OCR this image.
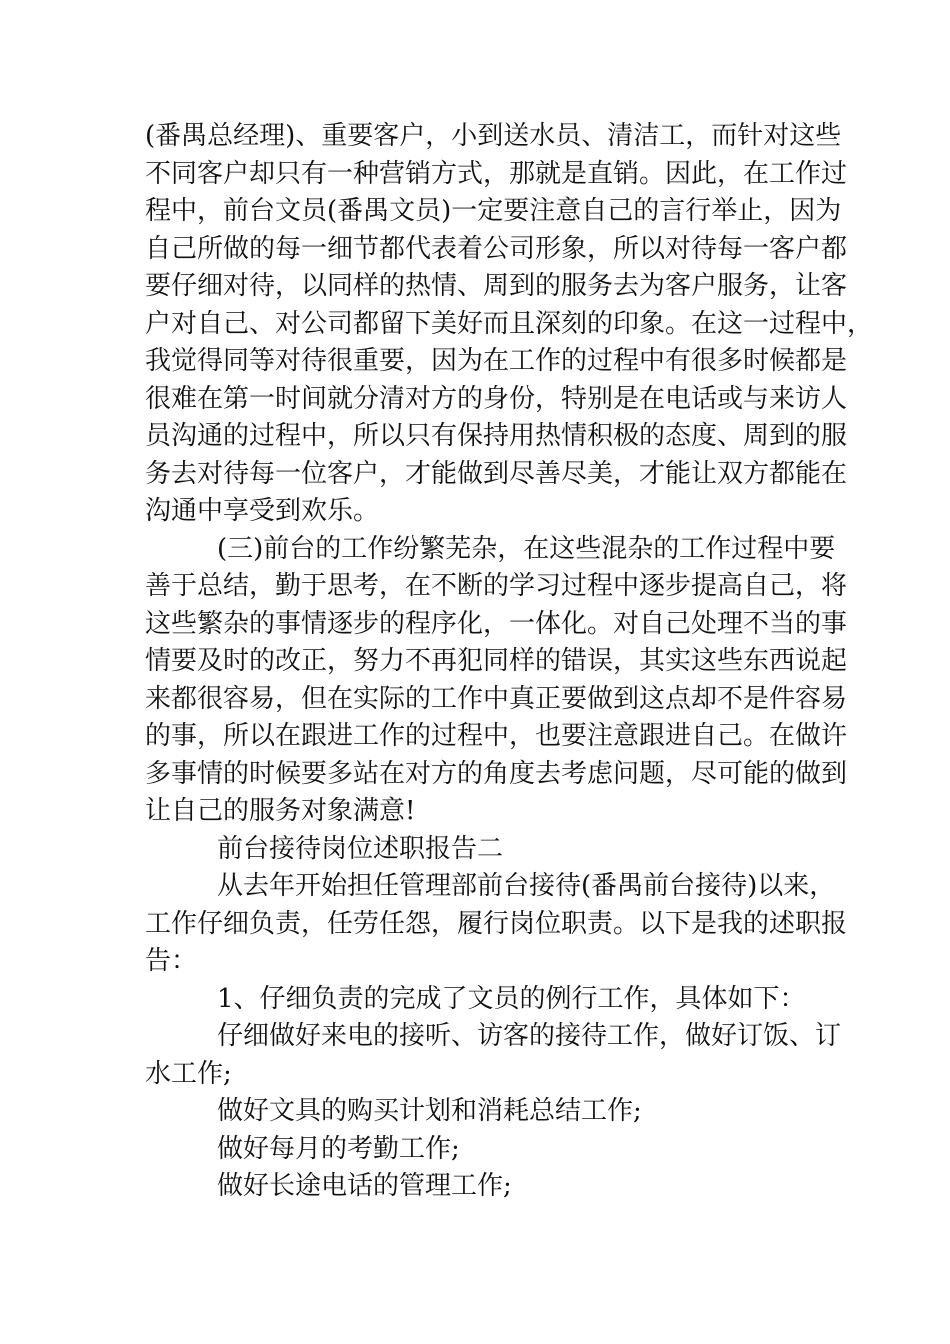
(番禺总经理)、重要客户，小到送水员、清洁工，而针对这些
不同客户却只有一种营销方式，那就是直销。因此，在工作过
程中，前台文员(番禺文员)一定要注意自己的言行举止，因为
自己所做的每一细节都代表着公司形象，所以对待每一客户都
要仔细对待，以同样的热情、周到的服务去为客户服务，让客
户对自己、对公司都留下美好而且深刻的印象。在这一过程中，
我觉得同等对待很重要，因为在工作的过程中有很多时候都是
很难在第一时间就分清对方的身份，特别是在电话或与来访人
员沟通的过程中，所以只有保持用热情积极的态度、周到的服
务去对待每一位客户，才能做到尽善尽美，才能让双方都能在
沟通中享受到欢乐。
(三)前台的工作纷繁芜杂，在这些混杂的工作过程中要
善于总结，勤于思考，在不断的学习过程中逐步提高自己，将
这些繁杂的事情逐步的程序化，一体化。对自己处理不当的事
情要及时的改正，努力不再犯同样的错误，其实这些东西说起
来都很容易，但在实际的工作中真正要做到这点却不是件容易
的事，所以在跟进工作的过程中，也要注意跟进自己。在做许
多事情的时候要多站在对方的角度去考虑问题，尽可能的做到
让自己的服务对象满意!
前台接待岗位述职报告二
从去年开始担任管理部前台接待(番禺前台接待)以来，
工作仔细负责，任劳任怨，履行岗位职责。以下是我的述职报
告：
1、仔细负责的完成了文员的例行工作，具体如下：
仔细做好来电的接听、访客的接待工作，做好订饭、订
水工作;
做好文具的购买计划和消耗总结工作;
做好每月的考勤工作;
做好长途电话的管理工作;
